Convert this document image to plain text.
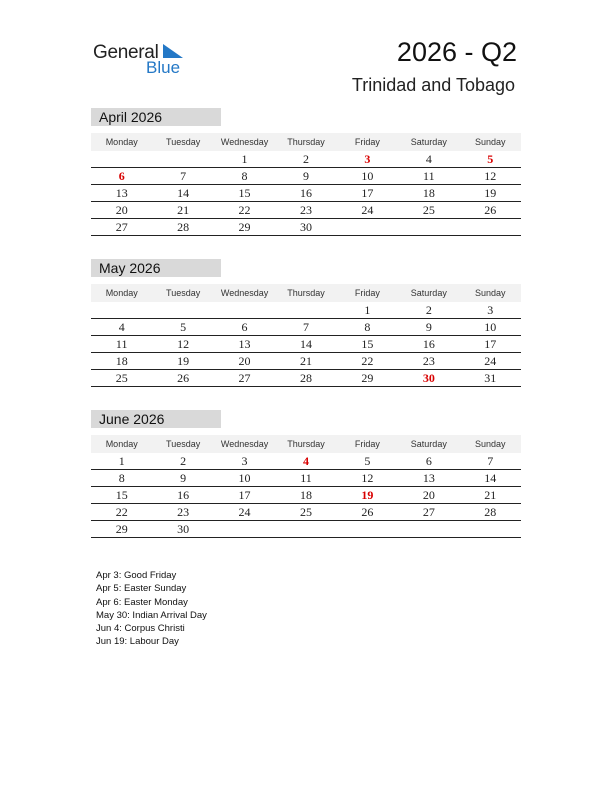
General
Blue
2026 - Q2
Trinidad and Tobago
April 2026
Monday	Tuesday	Wednesday	Thursday	Friday	Saturday	Sunday
		1	2	3	4	5
6	7	8	9	10	11	12
13	14	15	16	17	18	19
20	21	22	23	24	25	26
27	28	29	30			
May 2026
Monday	Tuesday	Wednesday	Thursday	Friday	Saturday	Sunday
				1	2	3
4	5	6	7	8	9	10
11	12	13	14	15	16	17
18	19	20	21	22	23	24
25	26	27	28	29	30	31
June 2026
Monday	Tuesday	Wednesday	Thursday	Friday	Saturday	Sunday
1	2	3	4	5	6	7
8	9	10	11	12	13	14
15	16	17	18	19	20	21
22	23	24	25	26	27	28
29	30					
Apr 3: Good Friday
Apr 5: Easter Sunday
Apr 6: Easter Monday
May 30: Indian Arrival Day
Jun 4: Corpus Christi
Jun 19: Labour Day
